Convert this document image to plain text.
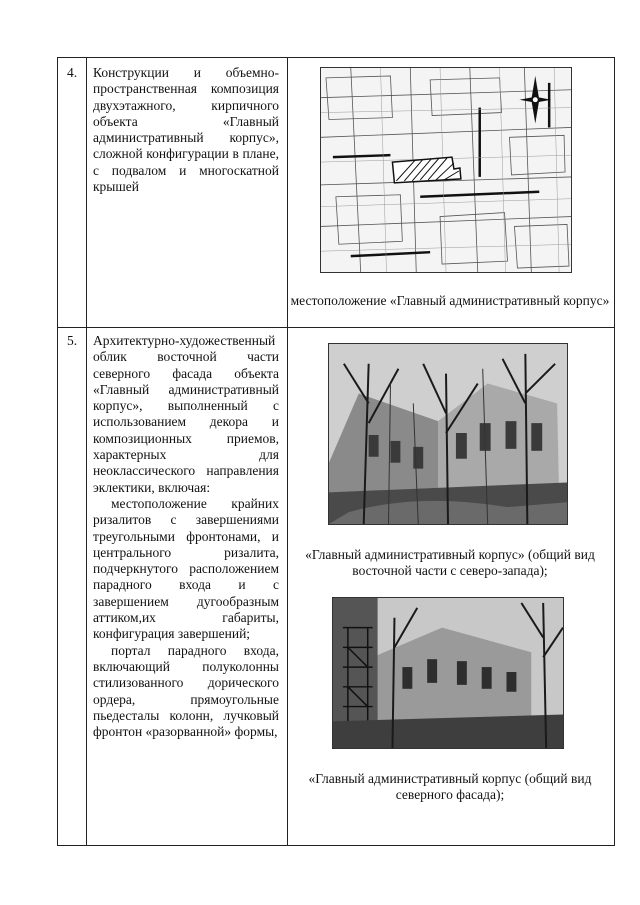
4. Конструкции и объемно-пространственная композиция двухэтажного, кирпичного объекта «Главный административный корпус», сложной конфигурации в плане, с подвалом и многоскатной крышей
местоположение «Главный административный корпус»
5. Архитектурно-художественный облик восточной части северного фасада объекта «Главный административный корпус», выполненный с использованием декора и композиционных приемов, характерных для неоклассического направления эклектики, включая:

местоположение крайних ризалитов с завершениями треугольными фронтонами, и центрального ризалита, подчеркнутого расположением парадного входа и с завершением дугообразным аттиком,их габариты, конфигурация завершений;

портал парадного входа, включающий полуколонны стилизованного дорического ордера, прямоугольные пьедесталы колонн, лучковый фронтон «разорванной» формы,

«Главный административный корпус» (общий вид восточной части с северо-запада);
«Главный административный корпус (общий вид северного фасада);
